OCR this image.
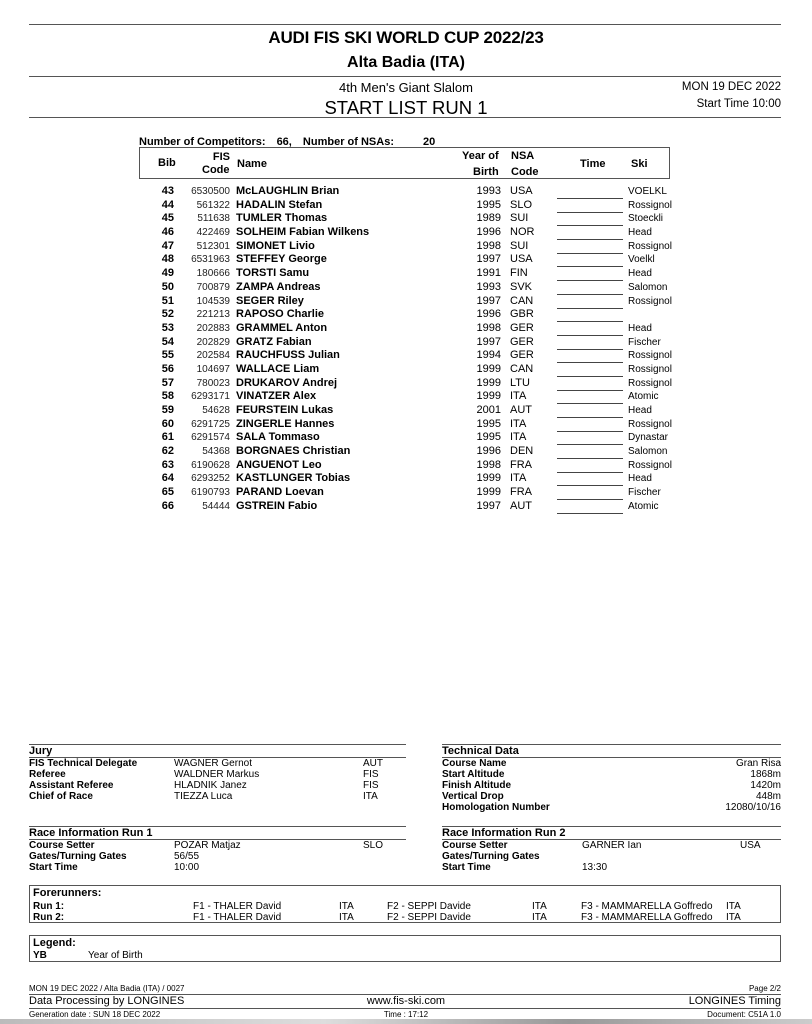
AUDI FIS SKI WORLD CUP 2022/23
Alta Badia (ITA)
4th Men's Giant Slalom
START LIST RUN 1
MON 19 DEC 2022
Start Time 10:00
Number of Competitors: 66, Number of NSAs:	20
Bib	FIS
Code Name
Year of
Birth
NSA
Code
Time Ski
43	6530500 McLAUGHLIN Brian	1993 USA	VOELKL
44	561322 HADALIN Stefan	1995 SLO	Rossignol
45	511638 TUMLER Thomas	1989 SUI	Stoeckli
46	422469 SOLHEIM Fabian Wilkens	1996 NOR	Head
47	512301 SIMONET Livio	1998 SUI	Rossignol
48	6531963 STEFFEY George	1997 USA	Voelkl
49	180666 TORSTI Samu	1991 FIN	Head
50	700879 ZAMPA Andreas	1993 SVK	Salomon
51	104539 SEGER Riley	1997 CAN	Rossignol
52	221213 RAPOSO Charlie	1996 GBR
53	202883 GRAMMEL Anton	1998 GER	Head
54	202829 GRATZ Fabian	1997 GER	Fischer
55	202584 RAUCHFUSS Julian	1994 GER	Rossignol
56	104697 WALLACE Liam	1999 CAN	Rossignol
57	780023 DRUKAROV Andrej	1999 LTU	Rossignol
58	6293171 VINATZER Alex	1999 ITA	Atomic
59	54628 FEURSTEIN Lukas	2001 AUT	Head
60	6291725 ZINGERLE Hannes	1995 ITA	Rossignol
61	6291574 SALA Tommaso	1995 ITA	Dynastar
62	54368 BORGNAES Christian	1996 DEN	Salomon
63	6190628 ANGUENOT Leo	1998 FRA	Rossignol
64	6293252 KASTLUNGER Tobias	1999 ITA	Head
65	6190793 PARAND Loevan	1999 FRA	Fischer
66	54444 GSTREIN Fabio	1997 AUT	Atomic
Jury
FIS Technical Delegate	WAGNER Gernot	AUT
Referee	WALDNER Markus	FIS
Assistant Referee	HLADNIK Janez	FIS
Chief of Race	TIEZZA Luca	ITA
Technical Data
Course Name	Gran Risa
Start Altitude	1868m
Finish Altitude	1420m
Vertical Drop	448m
Homologation Number	12080/10/16
Race Information Run 1
Course Setter	POZAR Matjaz	SLO
Gates/Turning Gates	56/55
Start Time	10:00
Race Information Run 2
Course Setter	GARNER Ian	USA
Gates/Turning Gates
Start Time	13:30
Forerunners:
Run 1:	F1 - THALER David	ITA	F2 - SEPPI Davide	ITA	F3 - MAMMARELLA Goffredo ITA
Run 2:	F1 - THALER David	ITA	F2 - SEPPI Davide	ITA	F3 - MAMMARELLA Goffredo ITA
Legend:
YB	Year of Birth
MON 19 DEC 2022 / Alta Badia (ITA) / 0027	Page 2/2
Data Processing by LONGINES	www.fis-ski.com	LONGINES Timing
Generation date : SUN 18 DEC 2022	Time : 17:12	Document: C51A 1.0
